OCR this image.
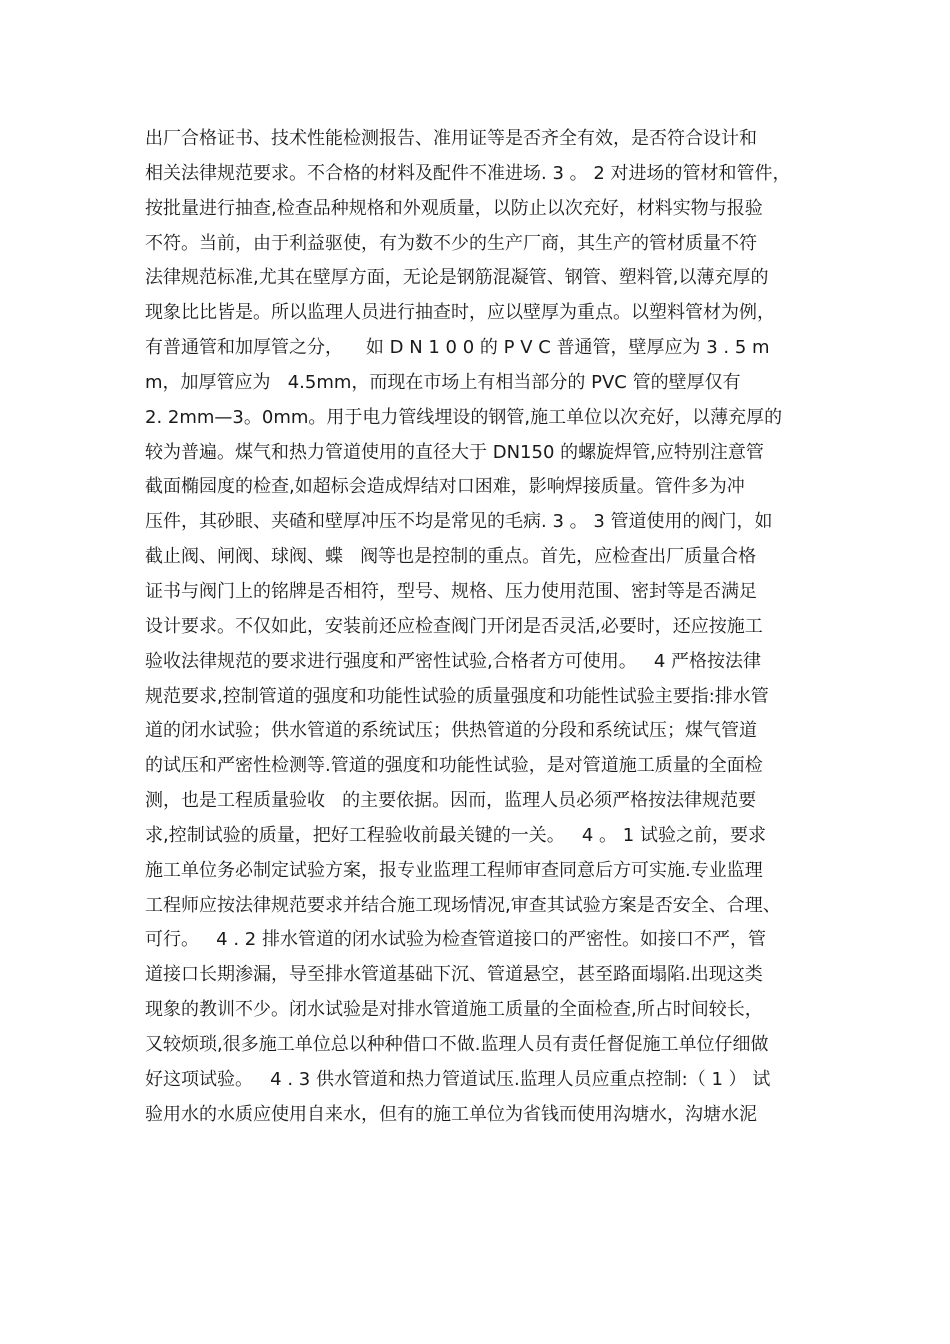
出厂合格证书、技术性能检测报告、准用证等是否齐全有效，是否符合设计和
相关法律规范要求。不合格的材料及配件不准进场. 3 。 2 对进场的管材和管件，
按批量进行抽查,检查品种规格和外观质量，以防止以次充好，材料实物与报验
不符。当前，由于利益驱使，有为数不少的生产厂商，其生产的管材质量不符
法律规范标准,尤其在壁厚方面，无论是钢筋混凝管、钢管、塑料管,以薄充厚的
现象比比皆是。所以监理人员进行抽查时，应以壁厚为重点。以塑料管材为例，
有普通管和加厚管之分，    如 D N 1 0 0 的 P V C 普通管，壁厚应为 3 . 5 m
m，加厚管应为   4.5mm，而现在市场上有相当部分的 PVC 管的壁厚仅有
2. 2mm—3。0mm。用于电力管线埋设的钢管,施工单位以次充好，以薄充厚的
较为普遍。煤气和热力管道使用的直径大于 DN150 的螺旋焊管,应特别注意管
截面椭园度的检查,如超标会造成焊结对口困难，影响焊接质量。管件多为冲
压件，其砂眼、夹碴和壁厚冲压不均是常见的毛病. 3 。 3 管道使用的阀门，如
截止阀、闸阀、球阀、蝶   阀等也是控制的重点。首先，应检查出厂质量合格
证书与阀门上的铭牌是否相符，型号、规格、压力使用范围、密封等是否满足
设计要求。不仅如此，安装前还应检查阀门开闭是否灵活,必要时，还应按施工
验收法律规范的要求进行强度和严密性试验,合格者方可使用。   4 严格按法律
规范要求,控制管道的强度和功能性试验的质量强度和功能性试验主要指:排水管
道的闭水试验；供水管道的系统试压；供热管道的分段和系统试压；煤气管道
的试压和严密性检测等.管道的强度和功能性试验，是对管道施工质量的全面检
测，也是工程质量验收   的主要依据。因而，监理人员必须严格按法律规范要
求,控制试验的质量，把好工程验收前最关键的一关。   4 。 1 试验之前，要求
施工单位务必制定试验方案，报专业监理工程师审查同意后方可实施.专业监理
工程师应按法律规范要求并结合施工现场情况,审查其试验方案是否安全、合理、
可行。   4 . 2 排水管道的闭水试验为检查管道接口的严密性。如接口不严，管
道接口长期渗漏，导至排水管道基础下沉、管道悬空，甚至路面塌陷.出现这类
现象的教训不少。闭水试验是对排水管道施工质量的全面检查,所占时间较长，
又较烦琐,很多施工单位总以种种借口不做.监理人员有责任督促施工单位仔细做
好这项试验。   4 . 3 供水管道和热力管道试压.监理人员应重点控制:（ 1 ） 试
验用水的水质应使用自来水，但有的施工单位为省钱而使用沟塘水，沟塘水泥
